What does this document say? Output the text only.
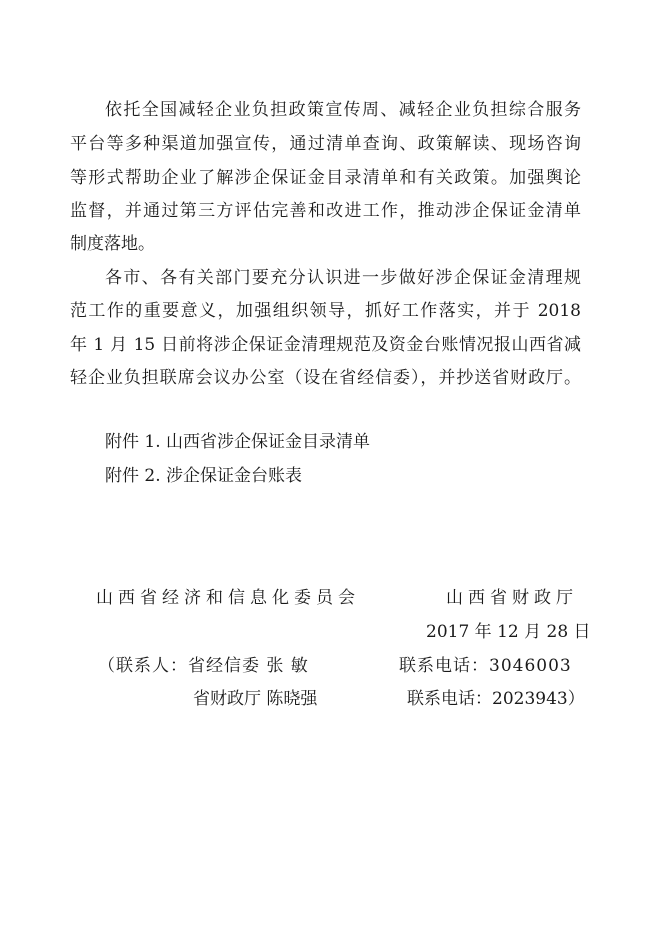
依托全国减轻企业负担政策宣传周、减轻企业负担综合服务
平台等多种渠道加强宣传，通过清单查询、政策解读、现场咨询
等形式帮助企业了解涉企保证金目录清单和有关政策。加强舆论
监督，并通过第三方评估完善和改进工作，推动涉企保证金清单
制度落地。
各市、各有关部门要充分认识进一步做好涉企保证金清理规
范工作的重要意义，加强组织领导，抓好工作落实，并于 2018
年 1 月 15 日前将涉企保证金清理规范及资金台账情况报山西省减
轻企业负担联席会议办公室（设在省经信委），并抄送省财政厅。
附件 1. 山西省涉企保证金目录清单
附件 2. 涉企保证金台账表
山西省经济和信息化委员会	山西省财政厅
2017 年 12 月 28 日
（联系人：省经信委 张 敏	联系电话：3046003
省财政厅 陈晓强	联系电话：2023943）
